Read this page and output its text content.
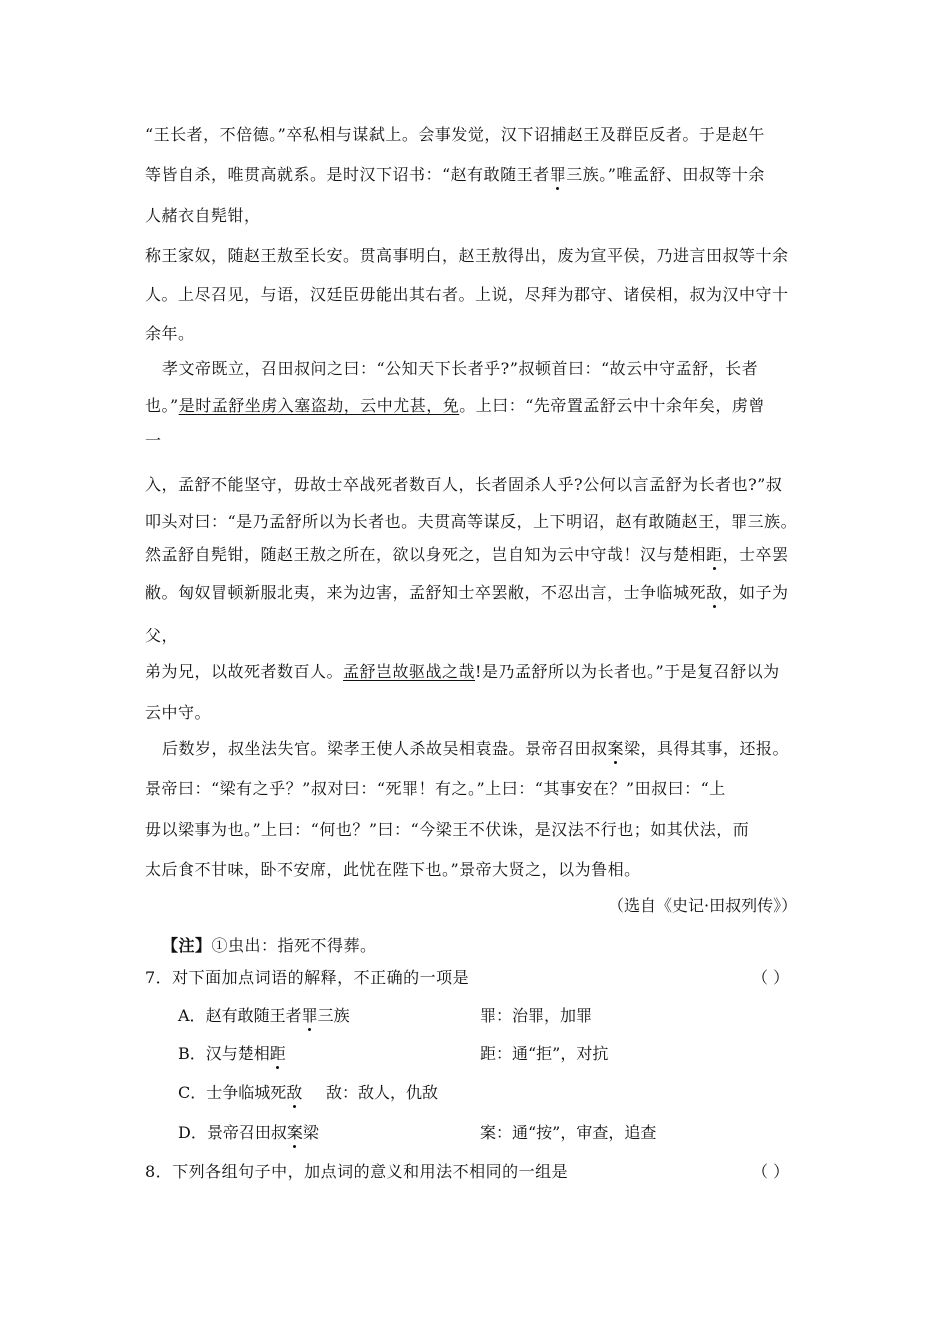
“王长者，不倍德。”卒私相与谋弑上。会事发觉，汉下诏捕赵王及群臣反者。于是赵午
等皆自杀，唯贯高就系。是时汉下诏书：“赵有敢随王者罪三族。”唯孟舒、田叔等十余
人赭衣自髡钳，
称王家奴，随赵王敖至长安。贯高事明白，赵王敖得出，废为宣平侯，乃进言田叔等十余
人。上尽召见，与语，汉廷臣毋能出其右者。上说，尽拜为郡守、诸侯相，叔为汉中守十
余年。
孝文帝既立，召田叔问之曰：“公知天下长者乎?”叔顿首曰：“故云中守孟舒，长者
也。”是时孟舒坐虏入塞盗劫，云中尤甚，免。上曰：“先帝置孟舒云中十余年矣，虏曾
一
入，孟舒不能坚守，毋故士卒战死者数百人，长者固杀人乎?公何以言孟舒为长者也?”叔
叩头对曰：“是乃孟舒所以为长者也。夫贯高等谋反，上下明诏，赵有敢随赵王，罪三族。
然孟舒自髡钳，随赵王敖之所在，欲以身死之，岂自知为云中守哉！汉与楚相距，士卒罢
敝。匈奴冒顿新服北夷，来为边害，孟舒知士卒罢敝，不忍出言，士争临城死敌，如子为
父，
弟为兄，以故死者数百人。孟舒岂故驱战之哉!是乃孟舒所以为长者也。”于是复召舒以为
云中守。
后数岁，叔坐法失官。梁孝王使人杀故吴相袁盎。景帝召田叔案梁，具得其事，还报。
景帝曰：“梁有之乎？”叔对曰：“死罪！有之。”上曰：“其事安在？”田叔曰：“上
毋以梁事为也。”上曰：“何也？”曰：“今梁王不伏诛，是汉法不行也；如其伏法，而
太后食不甘味，卧不安席，此忧在陛下也。”景帝大贤之，以为鲁相。
（选自《史记·田叔列传》）
【注】①虫出：指死不得葬。
7．对下面加点词语的解释，不正确的一项是	（ ）
A．赵有敢随王者罪三族	罪：治罪，加罪
B．汉与楚相距	距：通“拒”，对抗
C．士争临城死敌 敌：敌人，仇敌
D．景帝召田叔案梁	案：通“按”，审查，追查
8．下列各组句子中，加点词的意义和用法不相同的一组是	（ ）
